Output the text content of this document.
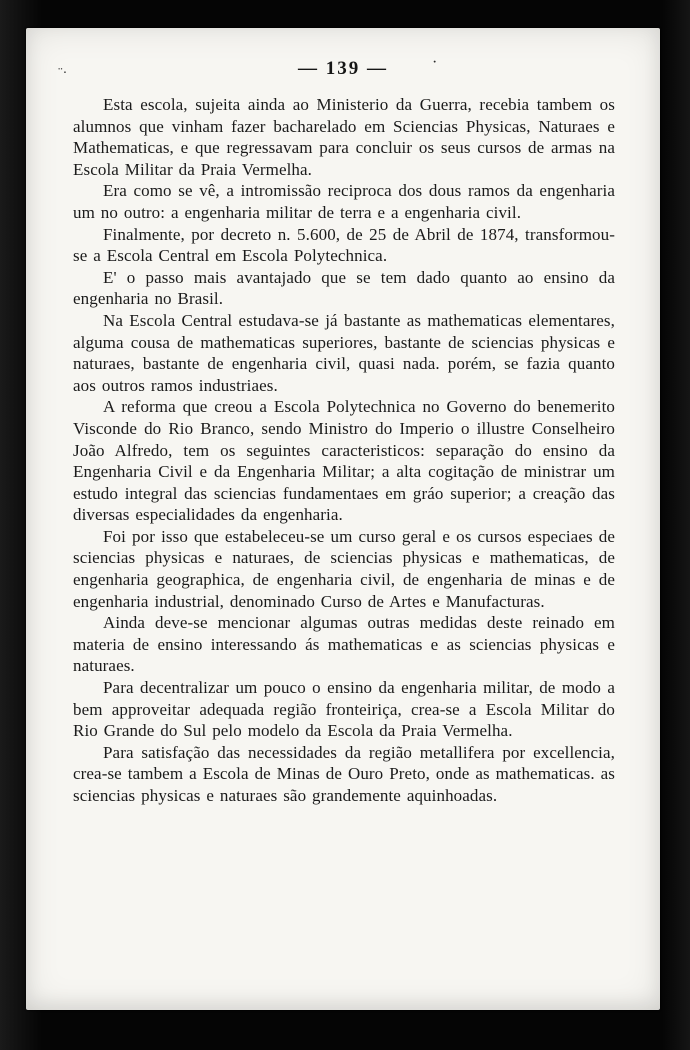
— 139 —
¨·
·

Esta escola, sujeita ainda ao Ministerio da Guerra, recebia tambem os alumnos que vinham fazer bacharelado em Sciencias Physicas, Naturaes e Mathematicas, e que regressavam para concluir os seus cursos de armas na Escola Militar da Praia Vermelha.

Era como se vê, a intromissão reciproca dos dous ramos da engenharia um no outro: a engenharia militar de terra e a engenharia civil.

Finalmente, por decreto n. 5.600, de 25 de Abril de 1874, transformou-se a Escola Central em Escola Polytechnica.

E' o passo mais avantajado que se tem dado quanto ao ensino da engenharia no Brasil.

Na Escola Central estudava-se já bastante as mathematicas elementares, alguma cousa de mathematicas superiores, bastante de sciencias physicas e naturaes, bastante de engenharia civil, quasi nada. porém, se fazia quanto aos outros ramos industriaes.

A reforma que creou a Escola Polytechnica no Governo do benemerito Visconde do Rio Branco, sendo Ministro do Imperio o illustre Conselheiro João Alfredo, tem os seguintes caracteristicos: separação do ensino da Engenharia Civil e da Engenharia Militar; a alta cogitação de ministrar um estudo integral das sciencias fundamentaes em gráo superior; a creação das diversas especialidades da engenharia.

Foi por isso que estabeleceu-se um curso geral e os cursos especiaes de sciencias physicas e naturaes, de sciencias physicas e mathematicas, de engenharia geographica, de engenharia civil, de engenharia de minas e de engenharia industrial, denominado Curso de Artes e Manufacturas.

Ainda deve-se mencionar algumas outras medidas deste reinado em materia de ensino interessando ás mathematicas e as sciencias physicas e naturaes.

Para decentralizar um pouco o ensino da engenharia militar, de modo a bem approveitar adequada região fronteiriça, crea-se a Escola Militar do Rio Grande do Sul pelo modelo da Escola da Praia Vermelha.

Para satisfação das necessidades da região metallifera por excellencia, crea-se tambem a Escola de Minas de Ouro Preto, onde as mathematicas. as sciencias physicas e naturaes são grandemente aquinhoadas.
